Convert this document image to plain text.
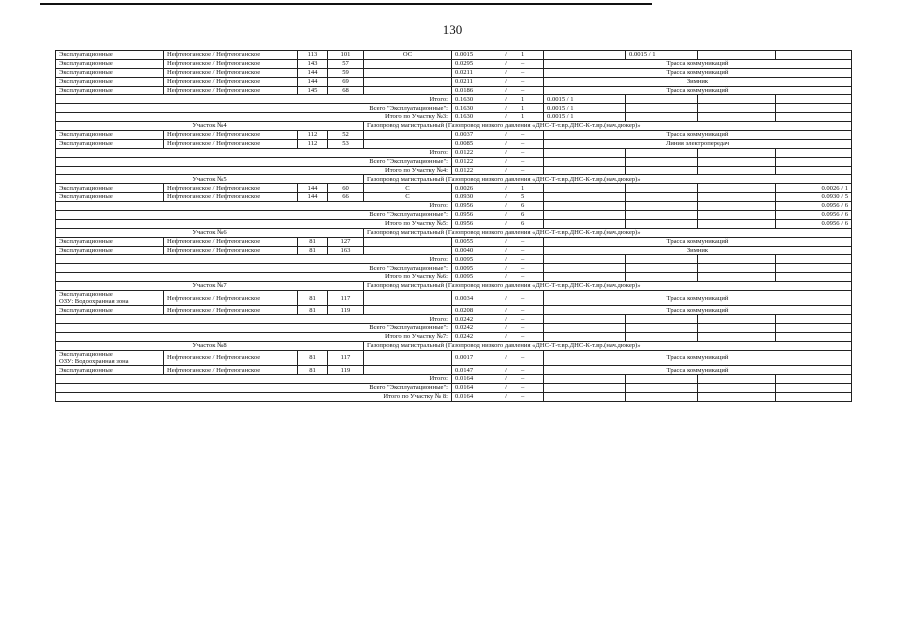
130
Эксплуатационные	Нефтеюганское / Нефтеюганское	113	101	ОС	0.0015 / 1		0.0015 / 1		

Эксплуатационные	Нефтеюганское / Нефтеюганское	143	57		0.0295 / –	Трасса коммуникаций			

Эксплуатационные	Нефтеюганское / Нефтеюганское	144	59		0.0211 / –	Трасса коммуникаций			

Эксплуатационные	Нефтеюганское / Нефтеюганское	144	69		0.0211 / –	Зимник			

Эксплуатационные	Нефтеюганское / Нефтеюганское	145	68		0.0186 / –	Трасса коммуникаций			
Итого:					0.1630 / 1	0.0015 / 1			
Всего "Эксплуатационные":					0.1630 / 1	0.0015 / 1			
Итого по Участку №3:					0.1630 / 1	0.0015 / 1			
Участок №4				Газопровод магистральный (Газопровод низкого давления «ДНС-Т-т.вр.ДНС-К-т.вр.(нач.дюкер)»					

Эксплуатационные	Нефтеюганское / Нефтеюганское	112	52		0.0037 / –	Трасса коммуникаций			

Эксплуатационные	Нефтеюганское / Нефтеюганское	112	53		0.0085 / –	Линия электропередач			
Итого:					0.0122 / –				
Всего "Эксплуатационные":					0.0122 / –				
Итого по Участку №4:					0.0122 / –				
Участок №5				Газопровод магистральный (Газопровод низкого давления «ДНС-Т-т.вр.ДНС-К-т.вр.(нач.дюкер)»					

Эксплуатационные	Нефтеюганское / Нефтеюганское	144	60	С	0.0026 / 1				0.0026 / 1

Эксплуатационные	Нефтеюганское / Нефтеюганское	144	66	С	0.0930 / 5				0.0930 / 5
Итого:					0.0956 / 6				0.0956 / 6
Всего "Эксплуатационные":					0.0956 / 6				0.0956 / 6
Итого по Участку №5:					0.0956 / 6				0.0956 / 6
Участок №6				Газопровод магистральный (Газопровод низкого давления «ДНС-Т-т.вр.ДНС-К-т.вр.(нач.дюкер)»					

Эксплуатационные	Нефтеюганское / Нефтеюганское	81	127		0.0055 / –	Трасса коммуникаций			

Эксплуатационные	Нефтеюганское / Нефтеюганское	81	163		0.0040 / –	Зимник			
Итого:					0.0095 / –				
Всего "Эксплуатационные":					0.0095 / –				
Итого по Участку №6:					0.0095 / –				
Участок №7				Газопровод магистральный (Газопровод низкого давления «ДНС-Т-т.вр.ДНС-К-т.вр.(нач.дюкер)»					

Эксплуатационные
ОЗУ: Водоохранная зона	Нефтеюганское / Нефтеюганское	81	117		0.0034 / –	Трасса коммуникаций			

Эксплуатационные	Нефтеюганское / Нефтеюганское	81	119		0.0208 / –	Трасса коммуникаций			
Итого:					0.0242 / –				
Всего "Эксплуатационные":					0.0242 / –				
Итого по Участку №7:					0.0242 / –				
Участок №8				Газопровод магистральный (Газопровод низкого давления «ДНС-Т-т.вр.ДНС-К-т.вр.(нач.дюкер)»					

Эксплуатационные
ОЗУ: Водоохранная зона	Нефтеюганское / Нефтеюганское	81	117		0.0017 / –	Трасса коммуникаций			

Эксплуатационные	Нефтеюганское / Нефтеюганское	81	119		0.0147 / –	Трасса коммуникаций			
Итого:					0.0164 / –				
Всего "Эксплуатационные":					0.0164 / –				
Итого по Участку № 8:					0.0164 / –				
